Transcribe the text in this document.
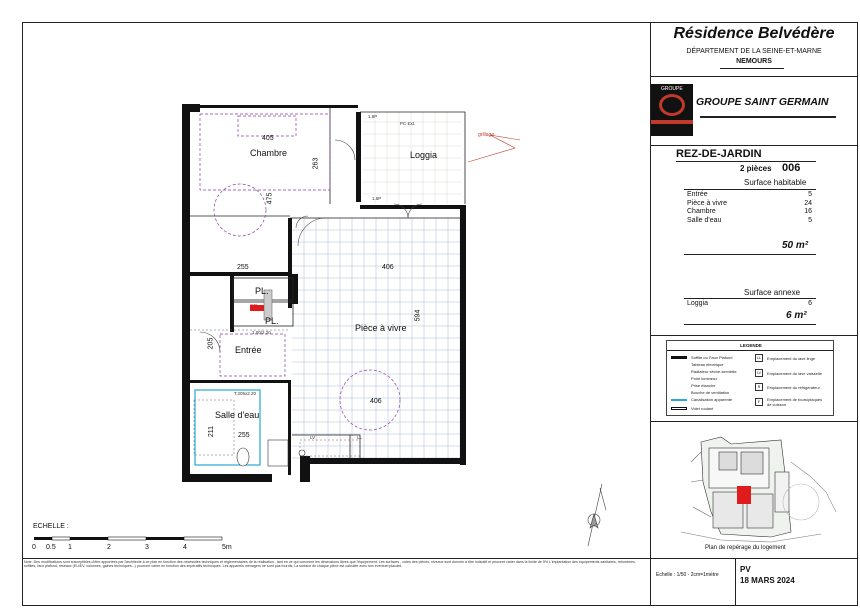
Résidence Belvédère
DÉPARTEMENT DE LA SEINE-ET-MARNE
NEMOURS
GROUPE
GROUPE SAINT GERMAIN
REZ-DE-JARDIN
2 pièces 006
Surface habitable
Entrée	5
Pièce à vivre	24
Chambre	16
Salle d'eau	5
50 m²
Surface annexe
Loggia	6
6 m²
LEGENDE
Soffite ou Faux Plafond
Tableau électrique
Radiateur sèche-serviette
Point lumineux
Prise étanche
Bouche de ventilation
Canalisation apparente
Volet roulant
LL
LV
R
F
Emplacement du lave linge
Emplacement du lave vaisselle
Emplacement du réfrigérateur
Emplacement de fours/plaques de cuisson
Plan de repérage du logement
Note: Des modifications sont susceptibles d'être apportées par l'architecte à ce plan en fonction des nécessités techniques et réglementaires de la réalisation , tant en ce qui concerne les dimensions libres que l'équipement. Les surfaces , cotes des pièces, niveaux sont donnés à titre indicatif et peuvent varier dans la limite de 5% L'implantation des équipements sanitaires, retombées, soffites, faux plafond, réseaux (EU/EV, colonnes, gaines techniques...) pourront varier en fonction des impératifs techniques. Les appareils ménagers ne sont pas fournis. La surface de chaque pièce est calculée avec son éventuel placard.
Echelle : 1/50 - 2cm=1mètre
PV
18 MARS 2024
ECHELLE :
0 0.5 1	2	3	4	5m
Chambre	Loggia
Pièce à vivre
Entrée
Salle d'eau
PL.
PL.
405
263
475
255	406
594
205
406
211	255
grillage
PC Ext.
LL
LV
1.6P
1.6P
1.00/2.20
GTL
T.205x2.20
